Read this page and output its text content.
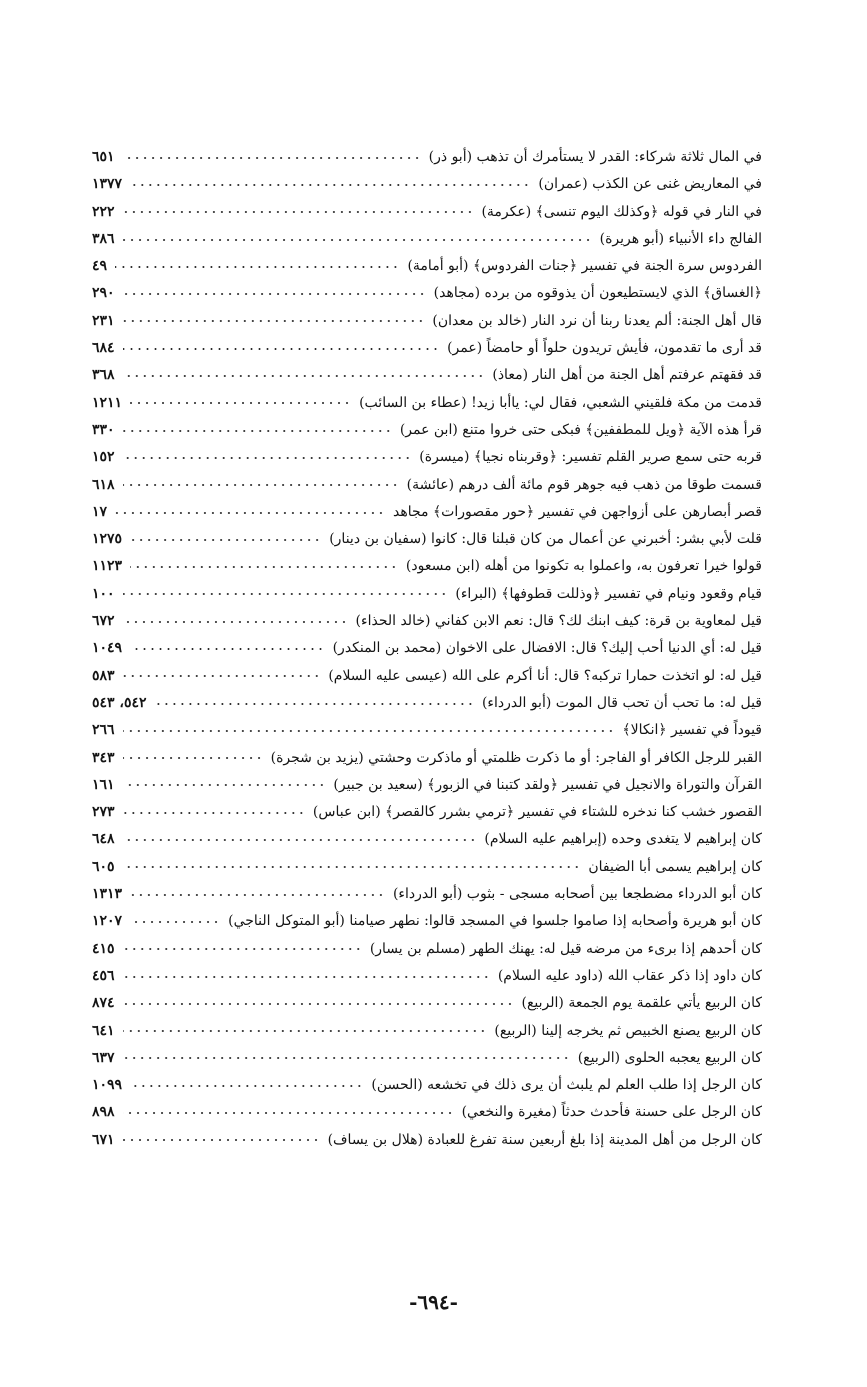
في المال ثلاثة شركاء: القدر لا يستأمرك أن تذهب (أبو ذر)
٦٥١
في المعاريض غنى عن الكذب (عمران)
١٣٧٧
في النار في قوله ﴿وكذلك اليوم تنسى﴾ (عكرمة)
٢٢٢
الفالج داء الأنبياء (أبو هريرة)
٣٨٦
الفردوس سرة الجنة في تفسير ﴿جنات الفردوس﴾ (أبو أمامة)
٤٩
﴿الغساق﴾ الذي لايستطيعون أن يذوقوه من برده (مجاهد)
٢٩٠
قال أهل الجنة: ألم يعدنا ربنا أن نرد النار (خالد بن معدان)
٢٣١
قد أرى ما تقدمون، فأيش تريدون حلواً أو حامضاً (عمر)
٦٨٤
قد فقهتم عرفتم أهل الجنة من أهل النار (معاذ)
٣٦٨
قدمت من مكة فلقيني الشعبي، فقال لي: ياأبا زيد! (عطاء بن السائب)
١٢١١
قرأ هذه الآية ﴿ويل للمطففين﴾ فبكى حتى خروا متنع (ابن عمر)
٣٣٠
قربه حتى سمع صرير القلم تفسير: ﴿وقربناه نجيا﴾ (ميسرة)
١٥٢
قسمت طوقا من ذهب فيه جوهر قوم مائة ألف درهم (عائشة)
٦١٨
قصر أبصارهن على أزواجهن في تفسير ﴿حور مقصورات﴾ مجاهد
١٧
قلت لأبي بشر: أخبرني عن أعمال من كان قبلنا قال: كانوا (سفيان بن دينار)
١٢٧٥
قولوا خيرا تعرفون به، واعملوا به تكونوا من أهله (ابن مسعود)
١١٢٣
قيام وقعود ونيام في تفسير ﴿وذللت قطوفها﴾ (البراء)
١٠٠
قيل لمعاوية بن قرة: كيف ابنك لك؟ قال: نعم الابن كفاني (خالد الحذاء)
٦٧٢
قيل له: أي الدنيا أحب إليك؟ قال: الافضال على الاخوان (محمد بن المنكدر)
١٠٤٩
قيل له: لو اتخذت حمارا تركبه؟ قال: أنا أكرم على الله (عيسى عليه السلام)
٥٨٣
قيل له: ما تحب أن تحب قال الموت (أبو الدرداء)
٥٤٢، ٥٤٣
قيوداً في تفسير ﴿انكالا﴾
٢٦٦
القبر للرجل الكافر أو الفاجر: أو ما ذكرت ظلمتي أو ماذكرت وحشتي (يزيد بن شجرة)
٣٤٣
القرآن والتوراة والانجيل في تفسير ﴿ولقد كتبنا في الزبور﴾ (سعيد بن جبير)
١٦١
القصور خشب كنا ندخره للشتاء في تفسير ﴿ترمي بشرر كالقصر﴾ (ابن عباس)
٢٧٣
كان إبراهيم لا يتغدى وحده (إبراهيم عليه السلام)
٦٤٨
كان إبراهيم يسمى أبا الضيفان
٦٠٥
كان أبو الدرداء مضطجعا بين أصحابه مسجى - بثوب (أبو الدرداء)
١٣١٣
كان أبو هريرة وأصحابه إذا صاموا جلسوا في المسجد قالوا: نطهر صيامنا (أبو المتوكل الناجي)
١٢٠٧
كان أحدهم إذا برىء من مرضه قيل له: يهنك الطهر (مسلم بن يسار)
٤١٥
كان داود إذا ذكر عقاب الله (داود عليه السلام)
٤٥٦
كان الربيع يأتي علقمة يوم الجمعة (الربيع)
٨٧٤
كان الربيع يصنع الخبيص ثم يخرجه إلينا (الربيع)
٦٤١
كان الربيع يعجبه الحلوى (الربيع)
٦٣٧
كان الرجل إذا طلب العلم لم يلبث أن يرى ذلك في تخشعه (الحسن)
١٠٩٩
كان الرجل على حسنة فأحدث حدثاً (مغيرة والنخعي)
٨٩٨
كان الرجل من أهل المدينة إذا بلغ أربعين سنة تفرغ للعبادة (هلال بن يساف)
٦٧١
-٦٩٤-
